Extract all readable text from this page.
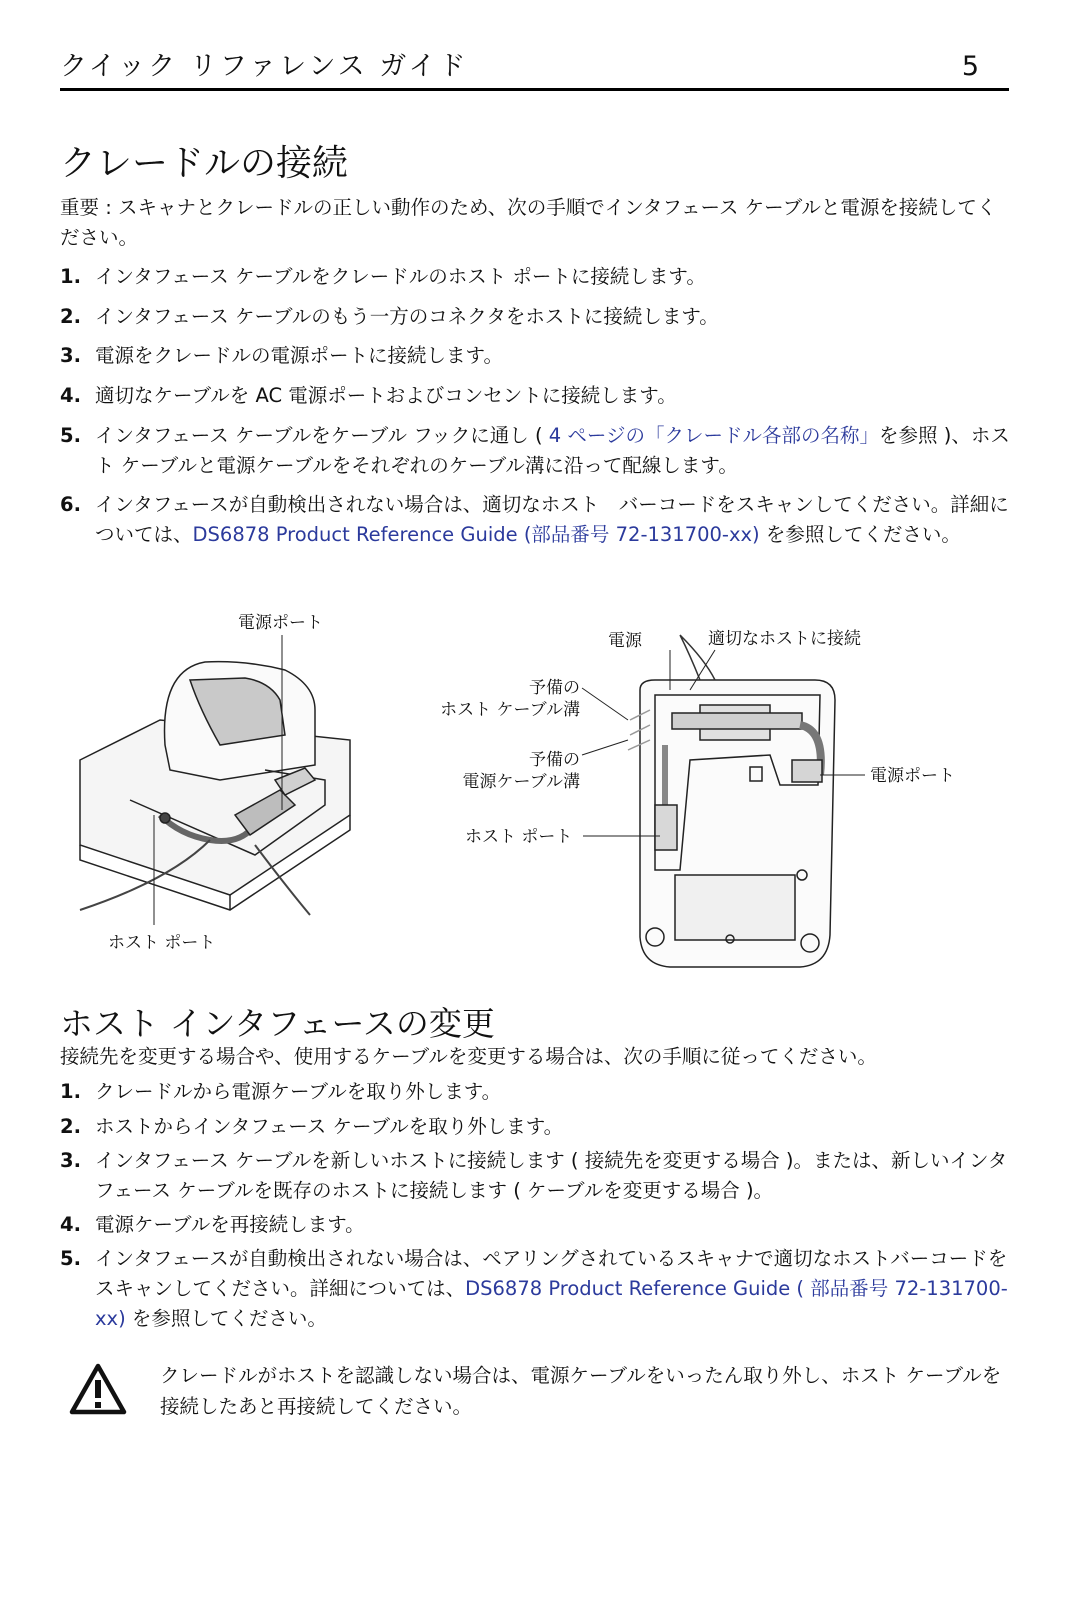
クイック リファレンス ガイド	5
クレードルの接続

重要 : スキャナとクレードルの正しい動作のため、次の手順でインタフェース ケーブルと電源を接続してください。

1. インタフェース ケーブルをクレードルのホスト ポートに接続します。
2. インタフェース ケーブルのもう一方のコネクタをホストに接続します。
3. 電源をクレードルの電源ポートに接続します。
4. 適切なケーブルを AC 電源ポートおよびコンセントに接続します。
5. インタフェース ケーブルをケーブル フックに通し ( 4 ページの「クレードル各部の名称」を参照 )、ホスト ケーブルと電源ケーブルをそれぞれのケーブル溝に沿って配線します。
6. インタフェースが自動検出されない場合は、適切なホスト　バーコードをスキャンしてください。詳細については、DS6878 Product Reference Guide (部品番号 72-131700-xx) を参照してください。
電源ポート
ホスト ポート
電源	適切なホストに接続
予備の
ホスト ケーブル溝
予備の
電源ケーブル溝
ホスト ポート
電源ポート
ホスト インタフェースの変更

接続先を変更する場合や、使用するケーブルを変更する場合は、次の手順に従ってください。

1. クレードルから電源ケーブルを取り外します。
2. ホストからインタフェース ケーブルを取り外します。
3. インタフェース ケーブルを新しいホストに接続します ( 接続先を変更する場合 )。または、新しいインタフェース ケーブルを既存のホストに接続します ( ケーブルを変更する場合 )。
4. 電源ケーブルを再接続します。
5. インタフェースが自動検出されない場合は、ペアリングされているスキャナで適切なホストバーコードをスキャンしてください。詳細については、DS6878 Product Reference Guide ( 部品番号 72-131700-xx) を参照してください。
クレードルがホストを認識しない場合は、電源ケーブルをいったん取り外し、ホスト ケーブルを接続したあと再接続してください。
